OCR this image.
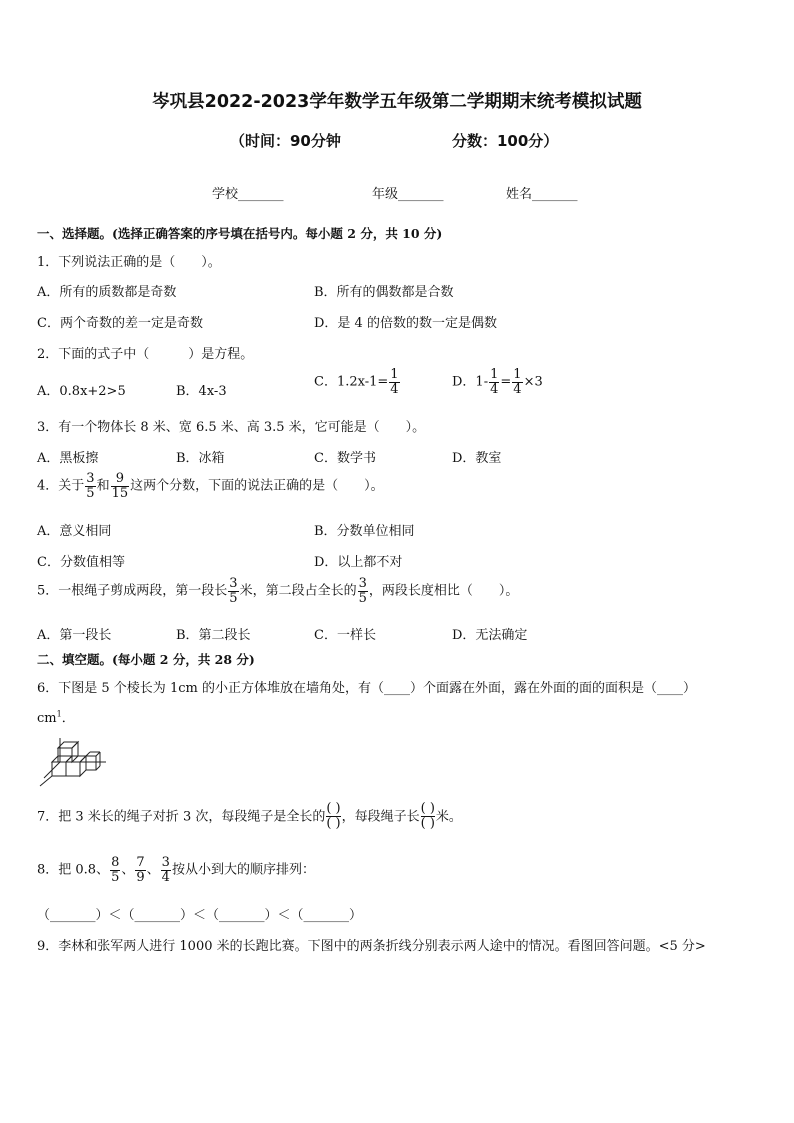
岑巩县2022-2023学年数学五年级第二学期期末统考模拟试题
（时间：90分钟	分数：100分）
学校_______	年级_______	姓名_______
一、选择题。(选择正确答案的序号填在括号内。每小题 2 分，共 10 分)
1．下列说法正确的是（　　）。
A．所有的质数都是奇数	B．所有的偶数都是合数
C．两个奇数的差一定是奇数	D．是 4 的倍数的数一定是偶数
2．下面的式子中（　　　）是方程。
A．0.8x+2>5	B．4x-3
C．$1.2x-1= \frac{1}{4}$	D．$1- \frac{1}{4} = \frac{1}{4} \times 3$
3．有一个物体长 8 米、宽 6.5 米、高 3.5 米，它可能是（　　）。
A．黑板擦	B．冰箱	C．数学书	D．教室
4．关于 $\frac{3}{5}$ 和 $\frac{9}{15}$ 这两个分数，下面的说法正确的是（　　）。
A．意义相同	B．分数单位相同
C．分数值相等	D．以上都不对
5．一根绳子剪成两段，第一段长 $\frac{3}{5}$ 米，第二段占全长的 $\frac{3}{5}$ ，两段长度相比（　　）。
A．第一段长	B．第二段长	C．一样长	D．无法确定
二、填空题。(每小题 2 分，共 28 分)
6．下图是 5 个棱长为 1cm 的小正方体堆放在墙角处，有（____）个面露在外面，露在外面的面的面积是（____）
$cm^1$．
7．把 3 米长的绳子对折 3 次，每段绳子是全长的
( )
( ) ，每段绳子长
( )
( ) 米。
8．把 0.8、 $\frac{8}{5}$ 、 $\frac{7}{9}$ 、 $\frac{3}{4}$ 按从小到大的顺序排列：
（_______）＜（_______）＜（_______）＜（_______）
9．李林和张军两人进行 1000 米的长跑比赛。下图中的两条折线分别表示两人途中的情况。看图回答问题。<5 分>
